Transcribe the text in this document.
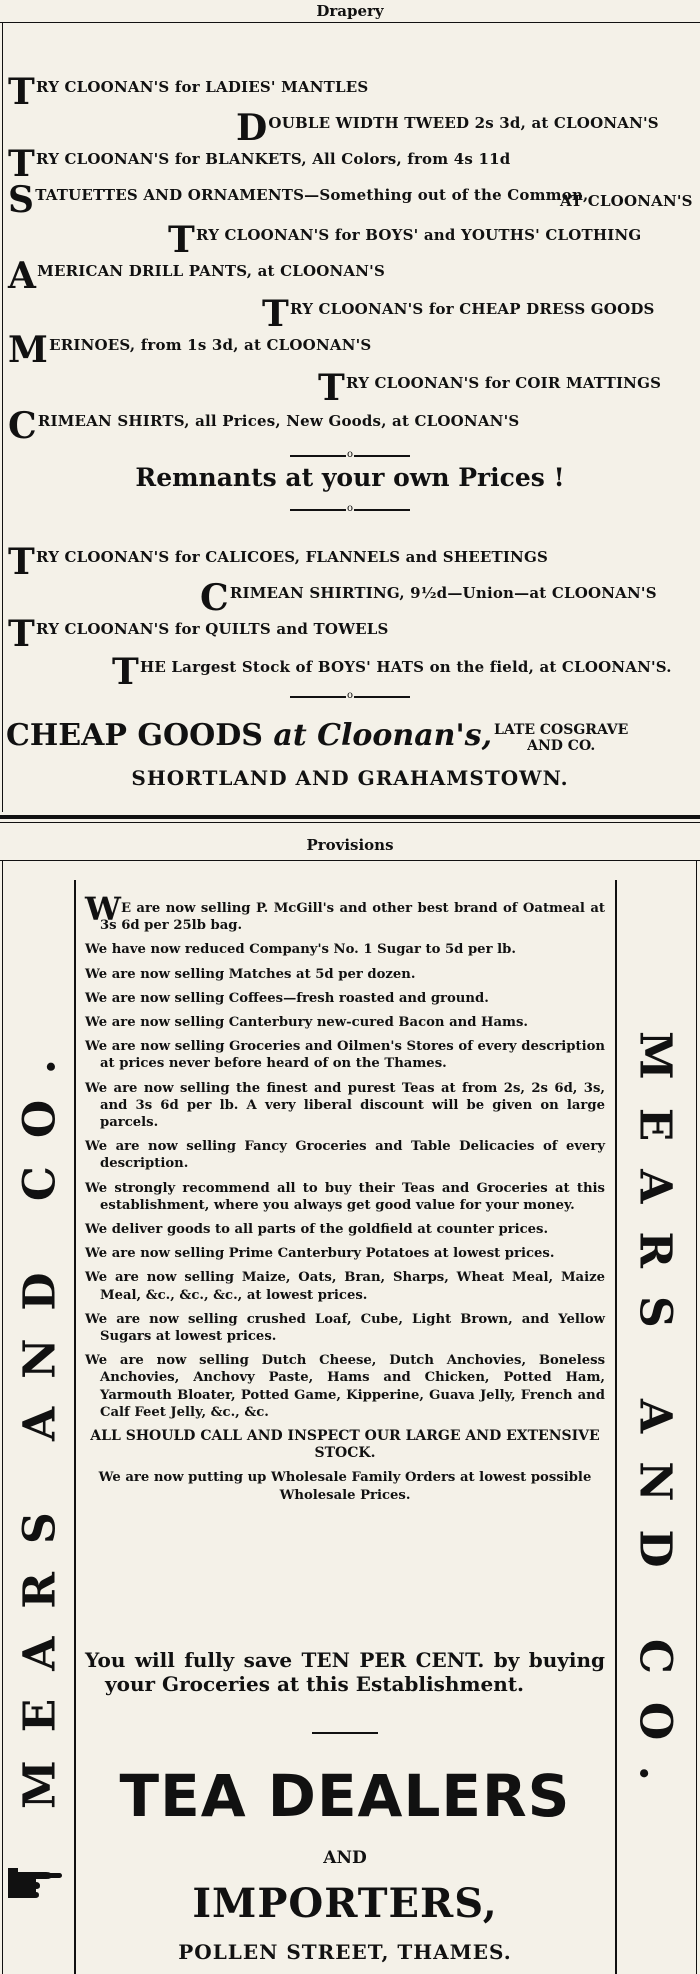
Drapery
TRY CLOONAN'S for LADIES' MANTLES
DOUBLE WIDTH TWEED 2s 3d, at CLOONAN'S
TRY CLOONAN'S for BLANKETS, All Colors, from 4s 11d
STATUETTES AND ORNAMENTS—Something out of the Common,
AT CLOONAN'S
TRY CLOONAN'S for BOYS' and YOUTHS' CLOTHING
AMERICAN DRILL PANTS, at CLOONAN'S
TRY CLOONAN'S for CHEAP DRESS GOODS
MERINOES, from 1s 3d, at CLOONAN'S
TRY CLOONAN'S for COIR MATTINGS
CRIMEAN SHIRTS, all Prices, New Goods, at CLOONAN'S
o
Remnants at your own Prices !
o
TRY CLOONAN'S for CALICOES, FLANNELS and SHEETINGS
CRIMEAN SHIRTING, 9½d—Union—at CLOONAN'S
TRY CLOONAN'S for QUILTS and TOWELS
THE Largest Stock of BOYS' HATS on the field, at CLOONAN'S.
o
CHEAP GOODS at Cloonan's, LATE COSGRAVE
AND CO.
SHORTLAND AND GRAHAMSTOWN.
Provisions
MEARS AND CO.	MEARS AND CO.
WE are now selling P. McGill's and other best brand of Oatmeal at 3s 6d per 25lb bag.
We have now reduced Company's No. 1 Sugar to 5d per lb.
We are now selling Matches at 5d per dozen.
We are now selling Coffees—fresh roasted and ground.
We are now selling Canterbury new-cured Bacon and Hams.
We are now selling Groceries and Oilmen's Stores of every description at prices never before heard of on the Thames.
We are now selling the finest and purest Teas at from 2s, 2s 6d, 3s, and 3s 6d per lb. A very liberal discount will be given on large parcels.
We are now selling Fancy Groceries and Table Delicacies of every description.
We strongly recommend all to buy their Teas and Groceries at this establishment, where you always get good value for your money.
We deliver goods to all parts of the goldfield at counter prices.
We are now selling Prime Canterbury Potatoes at lowest prices.
We are now selling Maize, Oats, Bran, Sharps, Wheat Meal, Maize Meal, &c., &c., &c., at lowest prices.
We are now selling crushed Loaf, Cube, Light Brown, and Yellow Sugars at lowest prices.
We are now selling Dutch Cheese, Dutch Anchovies, Boneless Anchovies, Anchovy Paste, Hams and Chicken, Potted Ham, Yarmouth Bloater, Potted Game, Kipperine, Guava Jelly, French and Calf Feet Jelly, &c., &c.
ALL SHOULD CALL AND INSPECT OUR LARGE AND EXTENSIVE STOCK.
We are now putting up Wholesale Family Orders at lowest possible Wholesale Prices.
You will fully save TEN PER CENT. by buying your Groceries at this Establishment.
TEA DEALERS
AND
IMPORTERS,
POLLEN STREET, THAMES.
